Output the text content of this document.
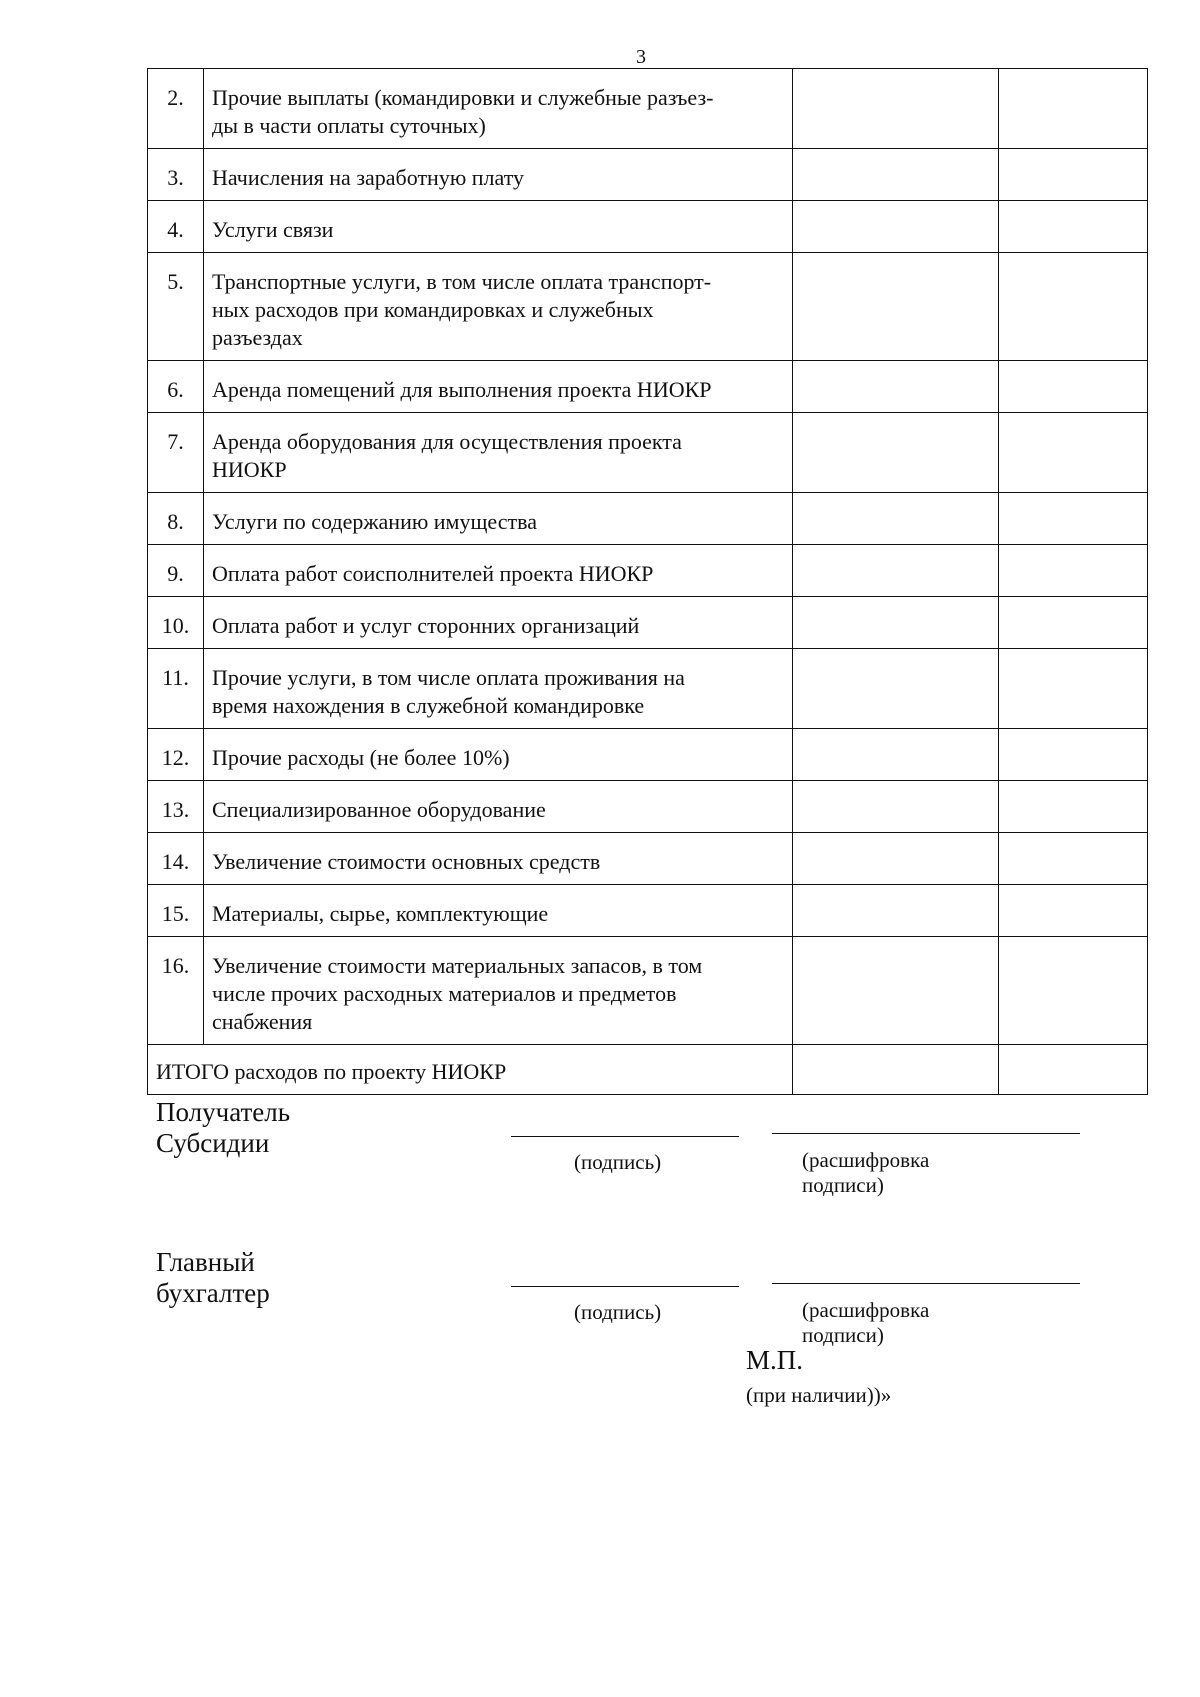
3
2.	Прочие выплаты (командировки и служебные разъез-
ды в части оплаты суточных)		
3.	Начисления на заработную плату		
4.	Услуги связи		
5.	Транспортные услуги, в том числе оплата транспорт-
ных расходов при командировках и служебных
разъездах		
6.	Аренда помещений для выполнения проекта НИОКР		
7.	Аренда оборудования для осуществления проекта
НИОКР		
8.	Услуги по содержанию имущества		
9.	Оплата работ соисполнителей проекта НИОКР		
10.	Оплата работ и услуг сторонних организаций		
11.	Прочие услуги, в том числе оплата проживания на
время нахождения в служебной командировке		
12.	Прочие расходы (не более 10%)		
13.	Специализированное оборудование		
14.	Увеличение стоимости основных средств		
15.	Материалы, сырье, комплектующие		
16.	Увеличение стоимости материальных запасов, в том
числе прочих расходных материалов и предметов
снабжения		
ИТОГО расходов по проекту НИОКР			
Получатель Субсидии
(подпись)	(расшифровка подписи)
Главный бухгалтер
(подпись)	(расшифровка подписи)
М.П.
(при наличии))»
